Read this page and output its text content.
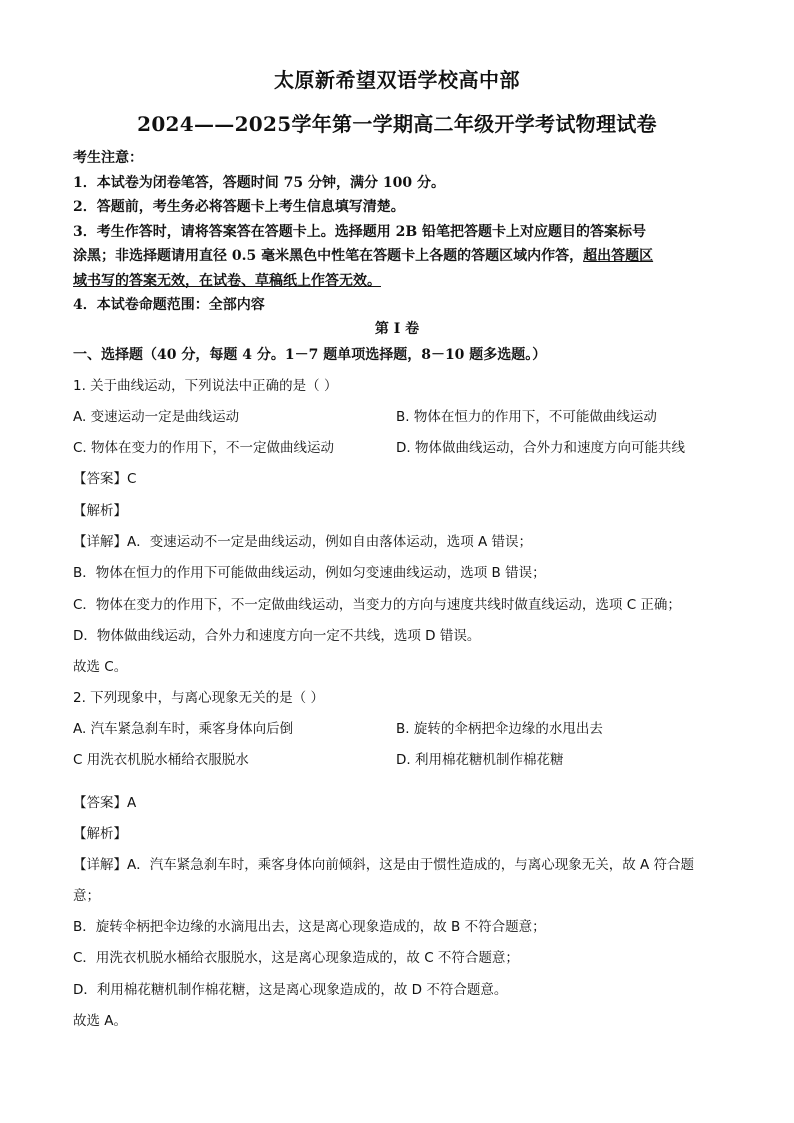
太原新希望双语学校高中部
2024——2025学年第一学期高二年级开学考试物理试卷
考生注意：
1．本试卷为闭卷笔答，答题时间 75 分钟，满分 100 分。
2．答题前，考生务必将答题卡上考生信息填写清楚。
3．考生作答时，请将答案答在答题卡上。选择题用 2B 铅笔把答题卡上对应题目的答案标号
涂黑；非选择题请用直径 0.5 毫米黑色中性笔在答题卡上各题的答题区域内作答，超出答题区
域书写的答案无效，在试卷、草稿纸上作答无效。
4．本试卷命题范围：全部内容
第 I 卷
一、选择题（40 分，每题 4 分。1－7 题单项选择题，8－10 题多选题。）
1. 关于曲线运动，下列说法中正确的是（ ）
A. 变速运动一定是曲线运动	B. 物体在恒力的作用下，不可能做曲线运动
C. 物体在变力的作用下，不一定做曲线运动	D. 物体做曲线运动，合外力和速度方向可能共线
【答案】C
【解析】
【详解】A．变速运动不一定是曲线运动，例如自由落体运动，选项 A 错误；
B．物体在恒力的作用下可能做曲线运动，例如匀变速曲线运动，选项 B 错误；
C．物体在变力的作用下，不一定做曲线运动，当变力的方向与速度共线时做直线运动，选项 C 正确；
D．物体做曲线运动，合外力和速度方向一定不共线，选项 D 错误。
故选 C。
2. 下列现象中，与离心现象无关的是（ ）
A. 汽车紧急刹车时，乘客身体向后倒	B. 旋转的伞柄把伞边缘的水甩出去
C 用洗衣机脱水桶给衣服脱水	D. 利用棉花糖机制作棉花糖
【答案】A
【解析】
【详解】A．汽车紧急刹车时，乘客身体向前倾斜，这是由于惯性造成的，与离心现象无关，故 A 符合题
意；
B．旋转伞柄把伞边缘的水滴甩出去，这是离心现象造成的，故 B 不符合题意；
C．用洗衣机脱水桶给衣服脱水，这是离心现象造成的，故 C 不符合题意；
D．利用棉花糖机制作棉花糖，这是离心现象造成的，故 D 不符合题意。
故选 A。
